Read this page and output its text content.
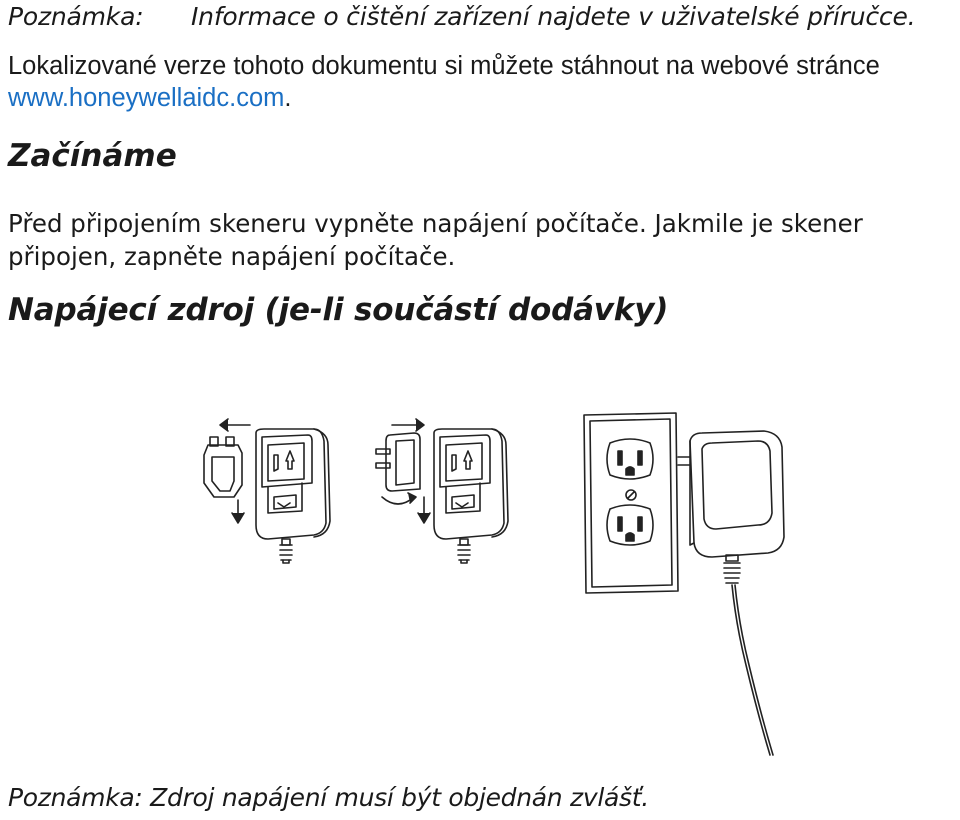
Poznámka: Informace o čištění zařízení najdete v uživatelské příručce.
Lokalizované verze tohoto dokumentu si můžete stáhnout na webové stránce www.honeywellaidc.com.
Začínáme
Před připojením skeneru vypněte napájení počítače. Jakmile je skener připojen, zapněte napájení počítače.
Napájecí zdroj (je-li součástí dodávky)
Poznámka: Zdroj napájení musí být objednán zvlášť.
